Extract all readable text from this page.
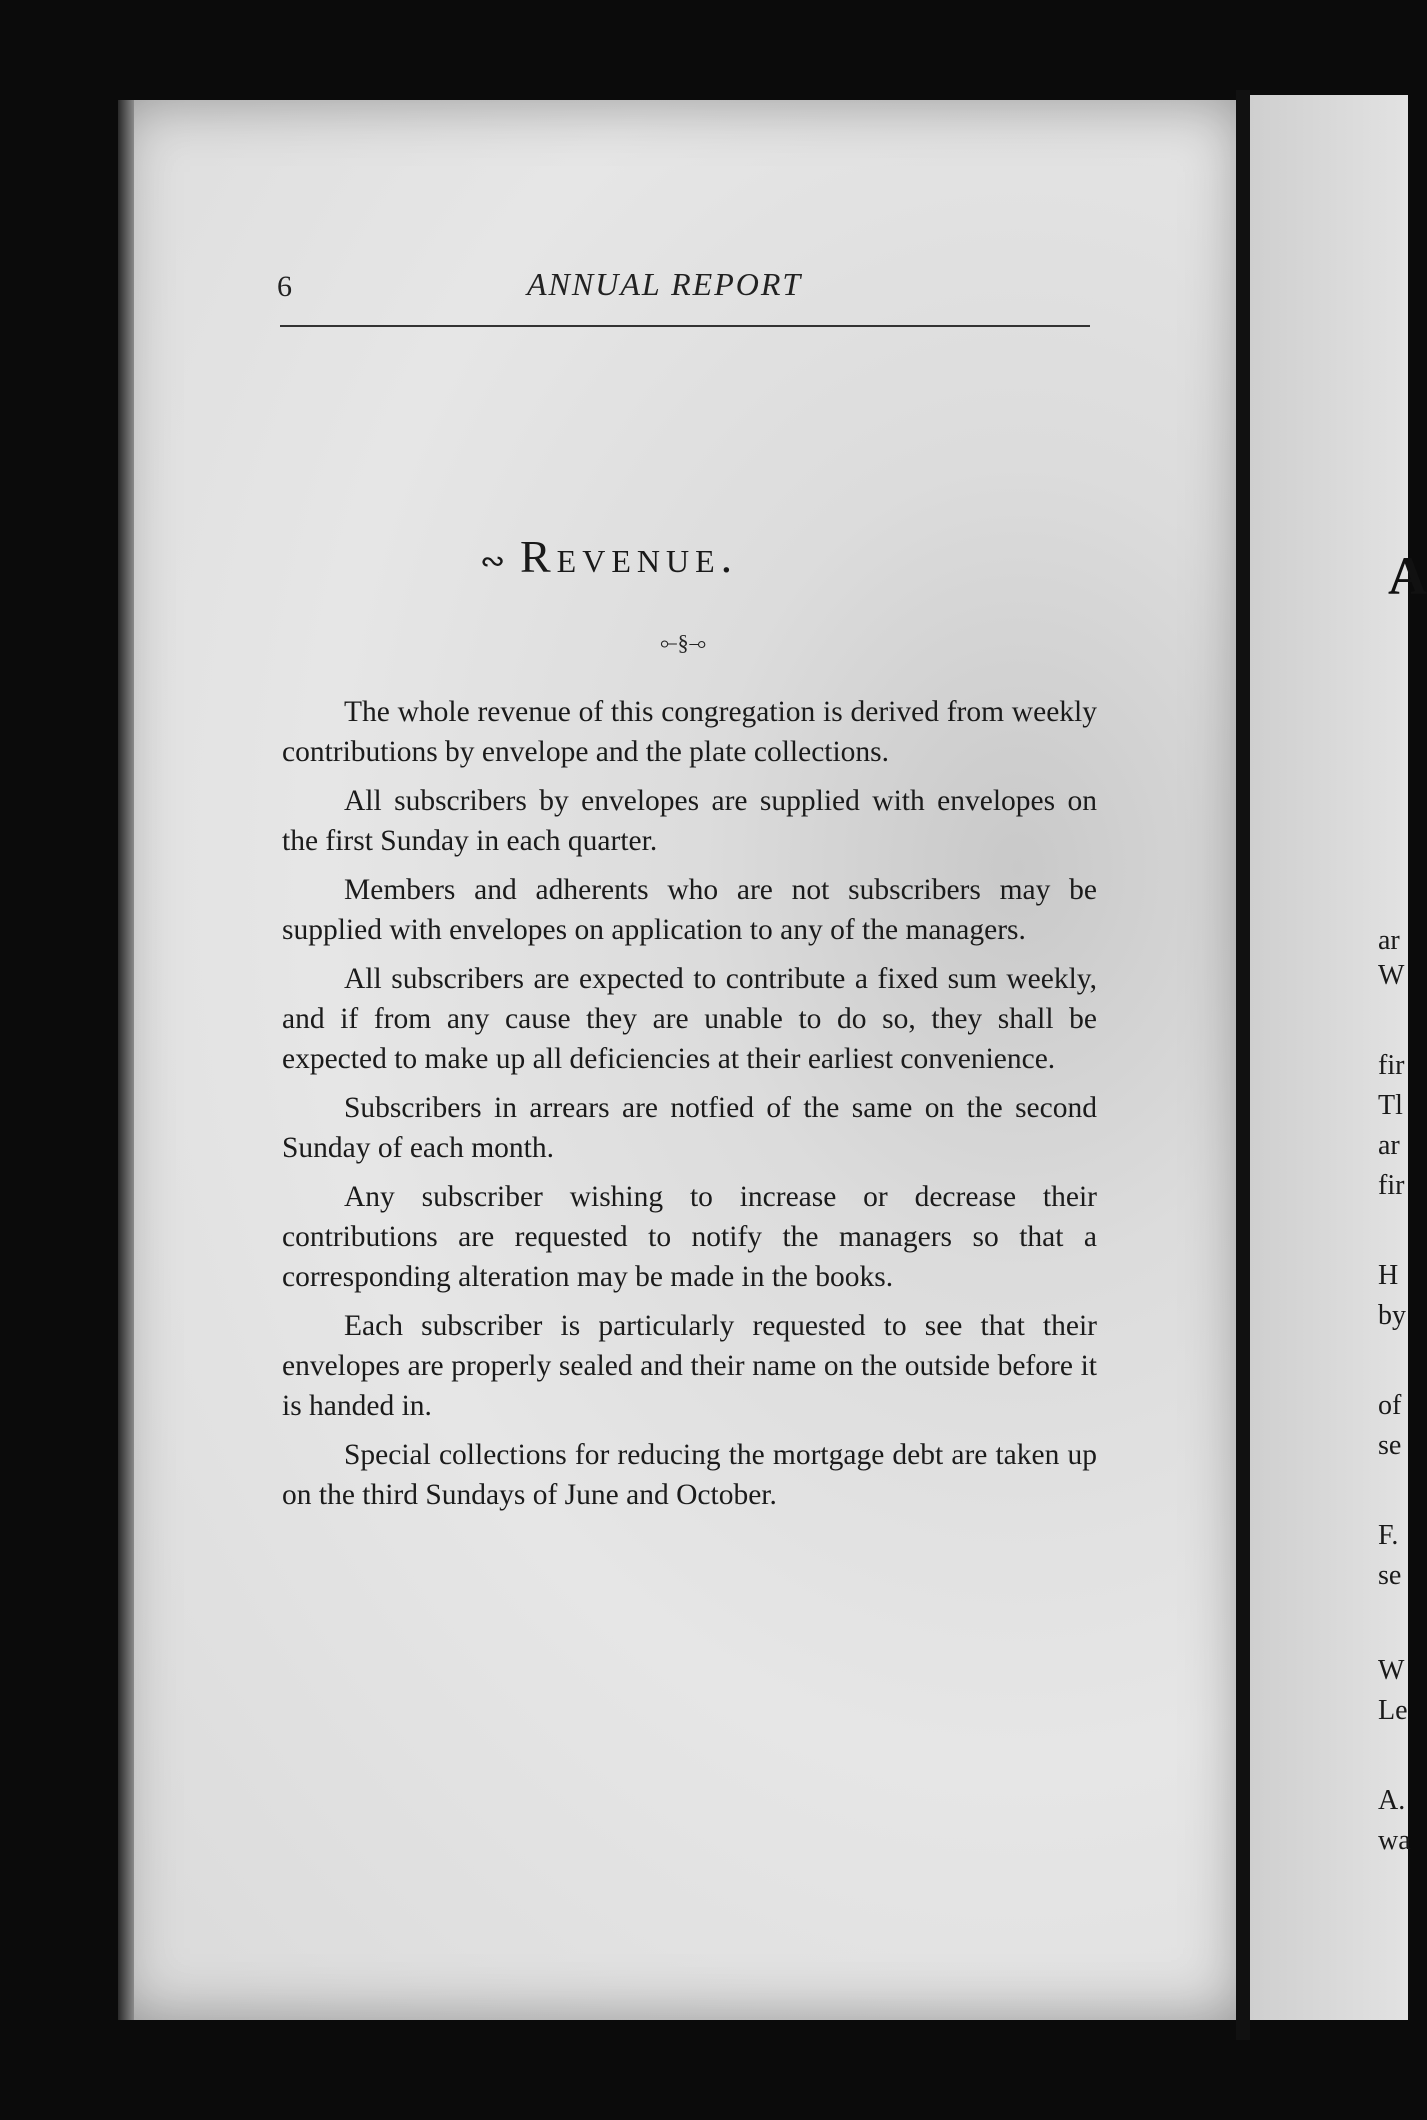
A
ar
W
fir
Tl
ar
fir
H
by
of
se
F.
se
W
Le
A.
wa
6	ANNUAL REPORT
∾ Revenue.
⟜§⊸

The whole revenue of this congregation is derived from weekly contributions by envelope and the plate collections.

All subscribers by envelopes are supplied with envelopes on the first Sunday in each quarter.

Members and adherents who are not subscribers may be supplied with envelopes on application to any of the managers.

All subscribers are expected to contribute a fixed sum weekly, and if from any cause they are unable to do so, they shall be expected to make up all deficiencies at their earliest convenience.

Subscribers in arrears are notfied of the same on the second Sunday of each month.

Any subscriber wishing to increase or decrease their contributions are requested to notify the managers so that a corresponding alteration may be made in the books.

Each subscriber is particularly requested to see that their envelopes are properly sealed and their name on the outside before it is handed in.

Special collections for reducing the mortgage debt are taken up on the third Sundays of June and October.
